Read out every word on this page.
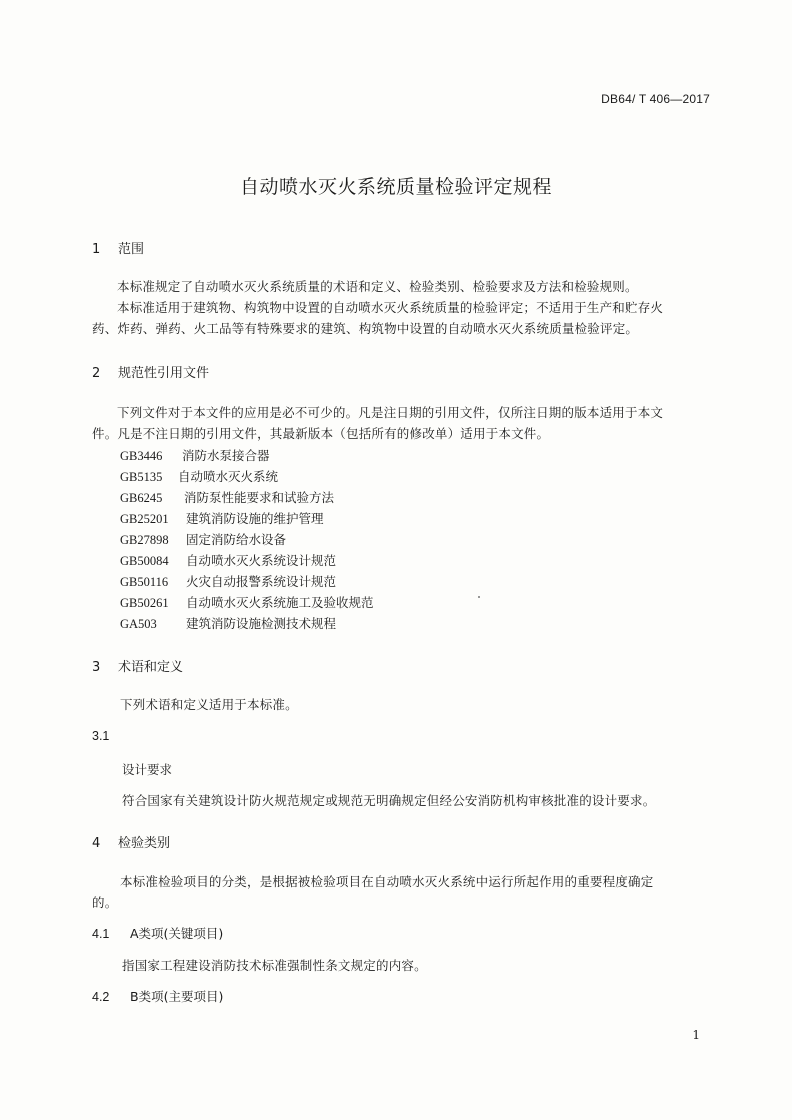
DB64/ T 406—2017
自动喷水灭火系统质量检验评定规程
1 范围
本标准规定了自动喷水灭火系统质量的术语和定义、检验类别、检验要求及方法和检验规则。
本标准适用于建筑物、构筑物中设置的自动喷水灭火系统质量的检验评定；不适用于生产和贮存火
药、炸药、弹药、火工品等有特殊要求的建筑、构筑物中设置的自动喷水灭火系统质量检验评定。
2 规范性引用文件
下列文件对于本文件的应用是必不可少的。凡是注日期的引用文件，仅所注日期的版本适用于本文
件。凡是不注日期的引用文件，其最新版本（包括所有的修改单）适用于本文件。
GB3446 消防水泵接合器
GB5135 自动喷水灭火系统
GB6245 消防泵性能要求和试验方法
GB25201 建筑消防设施的维护管理
GB27898 固定消防给水设备
GB50084 自动喷水灭火系统设计规范
GB50116 火灾自动报警系统设计规范
GB50261 自动喷水灭火系统施工及验收规范
GA503 建筑消防设施检测技术规程
3 术语和定义
下列术语和定义适用于本标准。
3.1
设计要求
符合国家有关建筑设计防火规范规定或规范无明确规定但经公安消防机构审核批准的设计要求。
4 检验类别
本标准检验项目的分类，是根据被检验项目在自动喷水灭火系统中运行所起作用的重要程度确定
的。
4.1 A类项(关键项目)
指国家工程建设消防技术标准强制性条文规定的内容。
4.2 B类项(主要项目)
1
